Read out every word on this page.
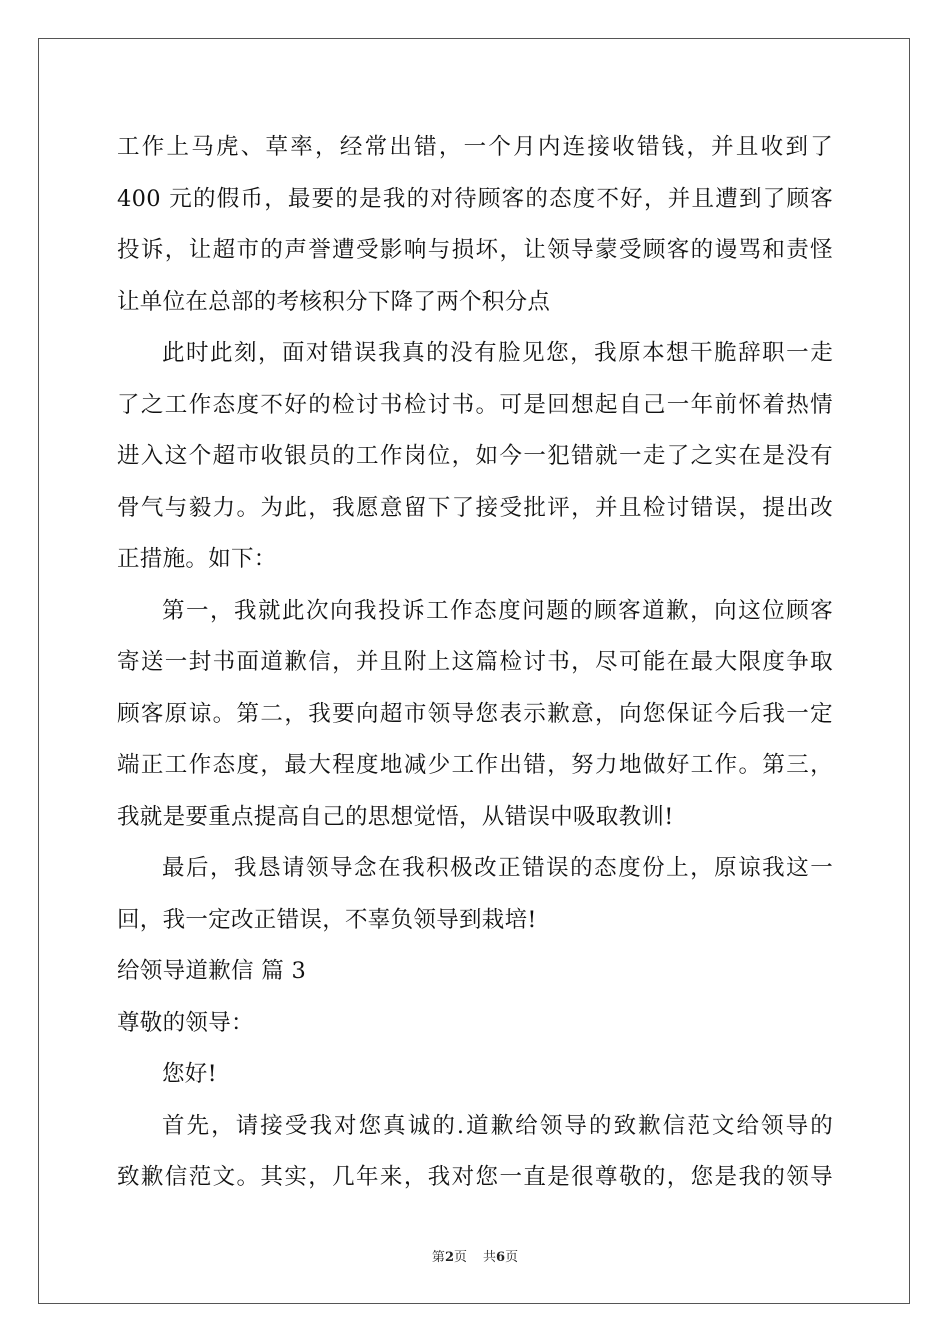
工作上马虎、草率，经常出错，一个月内连接收错钱，并且收到了
400 元的假币，最要的是我的对待顾客的态度不好，并且遭到了顾客
投诉，让超市的声誉遭受影响与损坏，让领导蒙受顾客的谩骂和责怪
让单位在总部的考核积分下降了两个积分点
此时此刻，面对错误我真的没有脸见您，我原本想干脆辞职一走
了之工作态度不好的检讨书检讨书。可是回想起自己一年前怀着热情
进入这个超市收银员的工作岗位，如今一犯错就一走了之实在是没有
骨气与毅力。为此，我愿意留下了接受批评，并且检讨错误，提出改
正措施。如下：
第一，我就此次向我投诉工作态度问题的顾客道歉，向这位顾客
寄送一封书面道歉信，并且附上这篇检讨书，尽可能在最大限度争取
顾客原谅。第二，我要向超市领导您表示歉意，向您保证今后我一定
端正工作态度，最大程度地减少工作出错，努力地做好工作。第三，
我就是要重点提高自己的思想觉悟，从错误中吸取教训!
最后，我恳请领导念在我积极改正错误的态度份上，原谅我这一
回，我一定改正错误，不辜负领导到栽培!
给领导道歉信 篇 3
尊敬的领导：
您好!
首先，请接受我对您真诚的.道歉给领导的致歉信范文给领导的
致歉信范文。其实，几年来，我对您一直是很尊敬的，您是我的领导
第2页 共6页
